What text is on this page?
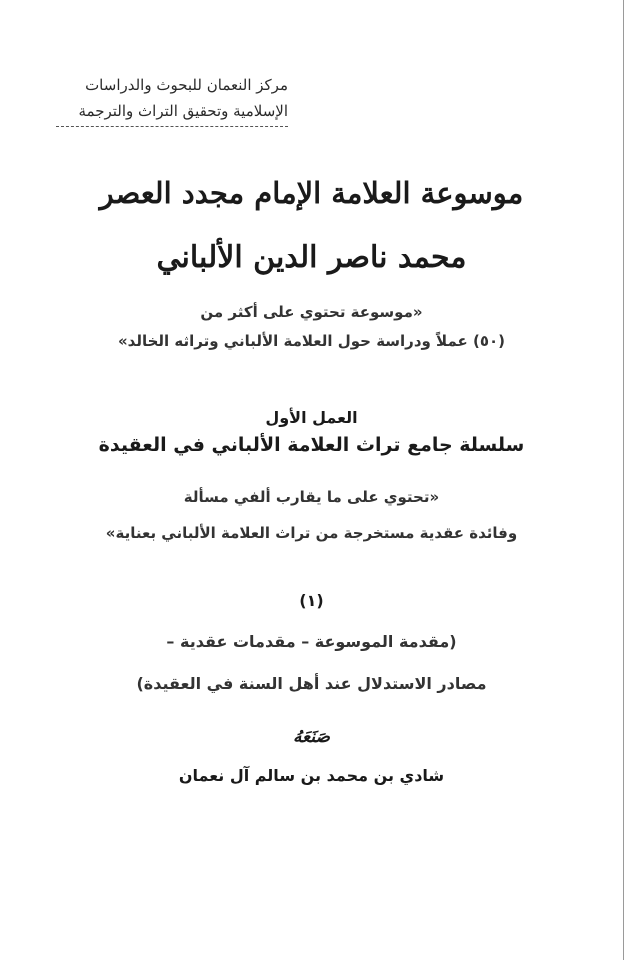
مركز النعمان للبحوث والدراسات
الإسلامية وتحقيق التراث والترجمة
موسوعة العلامة الإمام مجدد العصر
محمد ناصر الدين الألباني
«موسوعة تحتوي على أكثر من
(٥٠) عملاً ودراسة حول العلامة الألباني وتراثه الخالد»
العمل الأول
سلسلة جامع تراث العلامة الألباني في العقيدة
«تحتوي على ما يقارب ألفي مسألة
وفائدة عقدية مستخرجة من تراث العلامة الألباني بعناية»
(١)
(مقدمة الموسوعة – مقدمات عقدية –
مصادر الاستدلال عند أهل السنة في العقيدة)
صَنَعَهُ
شادي بن محمد بن سالم آل نعمان
